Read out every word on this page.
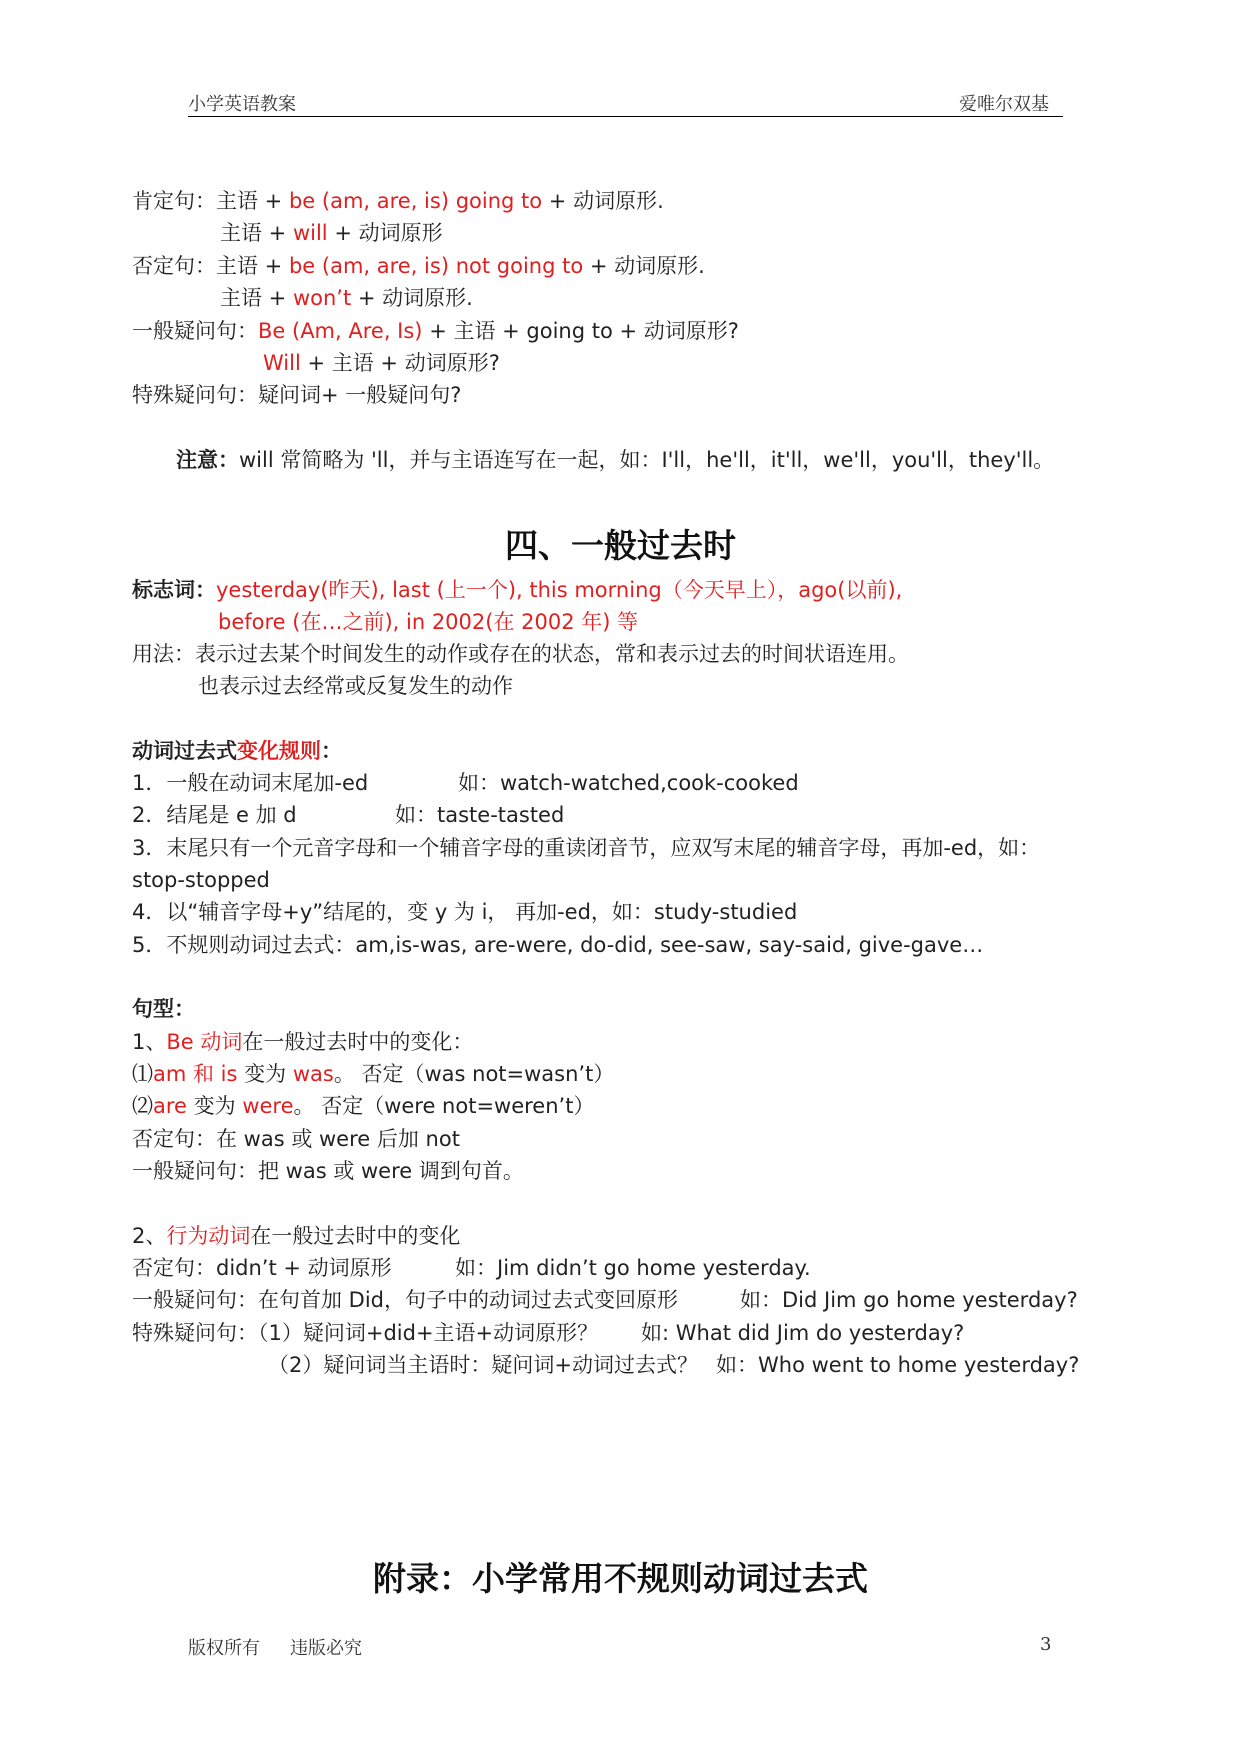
小学英语教案	爱唯尔双基
肯定句：主语 + be (am, are, is) going to + 动词原形.
主语 + will + 动词原形
否定句：主语 + be (am, are, is) not going to + 动词原形.
主语 + won’t + 动词原形.
一般疑问句：Be (Am, Are, Is) + 主语 + going to + 动词原形?
Will + 主语 + 动词原形?
特殊疑问句：疑问词+ 一般疑问句?
注意：will 常简略为 'll，并与主语连写在一起，如：I'll，he'll，it'll，we'll，you'll，they'll。
四、一般过去时
标志词：yesterday(昨天), last (上一个), this morning（今天早上），ago(以前),
before (在…之前), in 2002(在 2002 年) 等
用法：表示过去某个时间发生的动作或存在的状态，常和表示过去的时间状语连用。
也表示过去经常或反复发生的动作
动词过去式变化规则：
1．一般在动词末尾加-ed	如：watch-watched,cook-cooked
2．结尾是 e 加 d	如：taste-tasted
3．末尾只有一个元音字母和一个辅音字母的重读闭音节，应双写末尾的辅音字母，再加-ed，如：
stop-stopped
4．以“辅音字母+y”结尾的，变 y 为 i， 再加-ed，如：study-studied
5．不规则动词过去式：am,is-was, are-were, do-did, see-saw, say-said, give-gave…
句型：
1、Be 动词在一般过去时中的变化：
⑴am 和 is 变为 was。 否定（was not=wasn’t）
⑵are 变为 were。 否定（were not=weren’t）
否定句：在 was 或 were 后加 not
一般疑问句：把 was 或 were 调到句首。
2、行为动词在一般过去时中的变化
否定句：didn’t + 动词原形	如：Jim didn’t go home yesterday.
一般疑问句：在句首加 Did，句子中的动词过去式变回原形	如：Did Jim go home yesterday?
特殊疑问句：（1）疑问词+did+主语+动词原形？ 如: What did Jim do yesterday?
（2）疑问词当主语时：疑问词+动词过去式？ 如：Who went to home yesterday?
附录：小学常用不规则动词过去式
版权所有 违版必究	3
